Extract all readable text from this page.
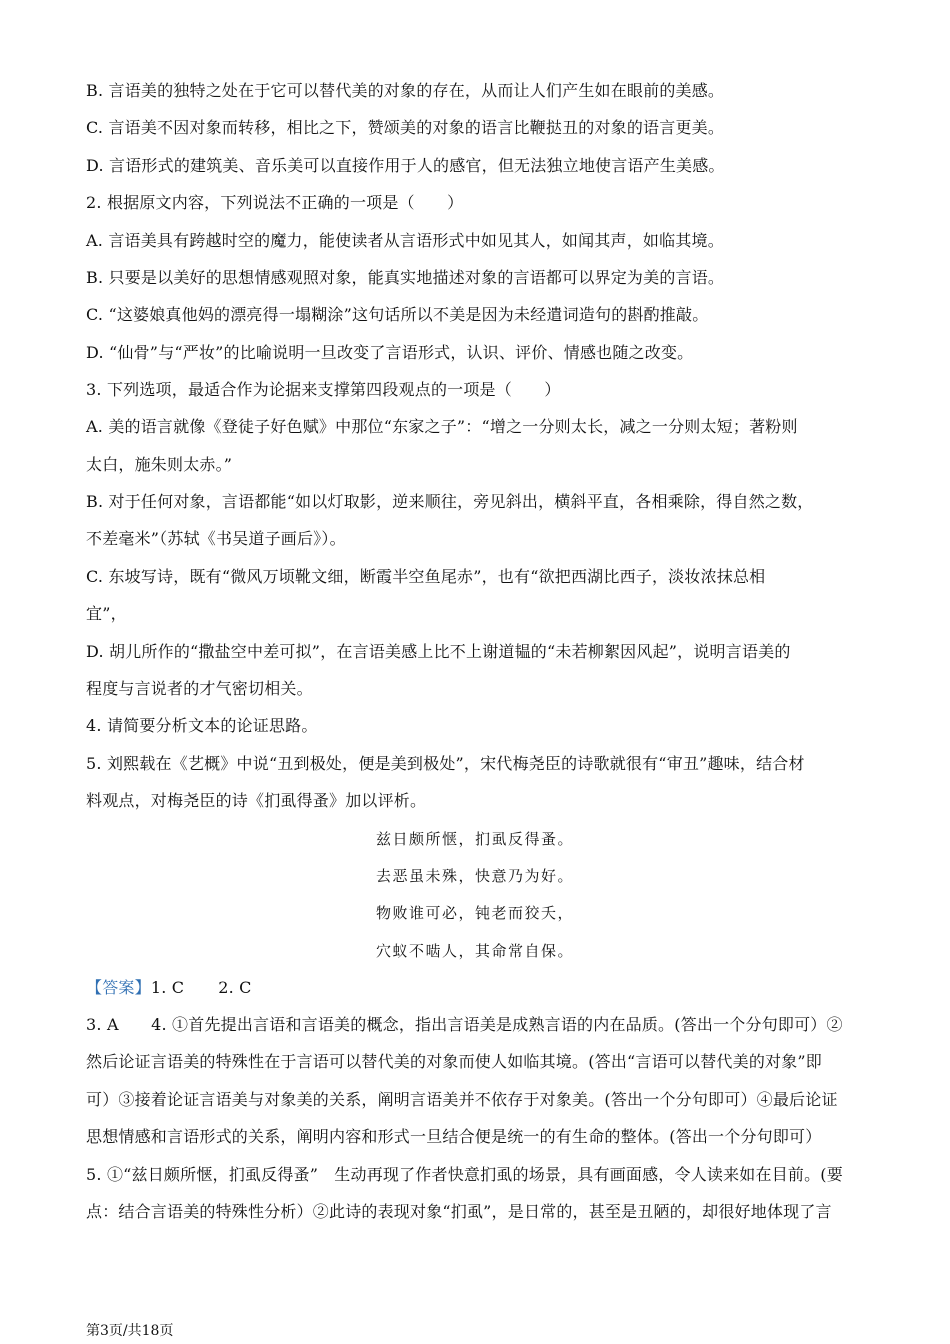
B. 言语美的独特之处在于它可以替代美的对象的存在，从而让人们产生如在眼前的美感。
C. 言语美不因对象而转移，相比之下，赞颂美的对象的语言比鞭挞丑的对象的语言更美。
D. 言语形式的建筑美、音乐美可以直接作用于人的感官，但无法独立地使言语产生美感。
2. 根据原文内容，下列说法不正确的一项是（　　）
A. 言语美具有跨越时空的魔力，能使读者从言语形式中如见其人，如闻其声，如临其境。
B. 只要是以美好的思想情感观照对象，能真实地描述对象的言语都可以界定为美的言语。
C. “这婆娘真他妈的漂亮得一塌糊涂”这句话所以不美是因为未经遣词造句的斟酌推敲。
D. “仙骨”与“严妆”的比喻说明一旦改变了言语形式，认识、评价、情感也随之改变。
3. 下列选项，最适合作为论据来支撑第四段观点的一项是（　　）
A. 美的语言就像《登徒子好色赋》中那位“东家之子”：“增之一分则太长，减之一分则太短；著粉则
太白，施朱则太赤。”
B. 对于任何对象，言语都能“如以灯取影，逆来顺往，旁见斜出，横斜平直，各相乘除，得自然之数，
不差毫米”（苏轼《书吴道子画后》）。
C. 东坡写诗，既有“微风万顷靴文细，断霞半空鱼尾赤”，也有“欲把西湖比西子，淡妆浓抹总相
宜”，
D. 胡儿所作的“撒盐空中差可拟”，在言语美感上比不上谢道韫的“未若柳絮因风起”，说明言语美的
程度与言说者的才气密切相关。
4. 请简要分析文本的论证思路。
5. 刘熙载在《艺概》中说“丑到极处，便是美到极处”，宋代梅尧臣的诗歌就很有“审丑”趣味，结合材
料观点，对梅尧臣的诗《扪虱得蚤》加以评析。
兹日颇所惬，扪虱反得蚤。
去恶虽未殊，快意乃为好。
物败谁可必，钝老而狡夭，
穴蚁不啮人，其命常自保。
【答案】1. C 2. C
3. A　　4. ①首先提出言语和言语美的概念，指出言语美是成熟言语的内在品质。(答出一个分句即可）②
然后论证言语美的特殊性在于言语可以替代美的对象而使人如临其境。(答出“言语可以替代美的对象”即
可）③接着论证言语美与对象美的关系，阐明言语美并不依存于对象美。(答出一个分句即可）④最后论证
思想情感和言语形式的关系，阐明内容和形式一旦结合便是统一的有生命的整体。(答出一个分句即可）
5. ①“兹日颇所惬，扪虱反得蚤”　生动再现了作者快意扪虱的场景，具有画面感，令人读来如在目前。(要
点：结合言语美的特殊性分析）②此诗的表现对象“扪虱”，是日常的，甚至是丑陋的，却很好地体现了言
第3页/共18页
